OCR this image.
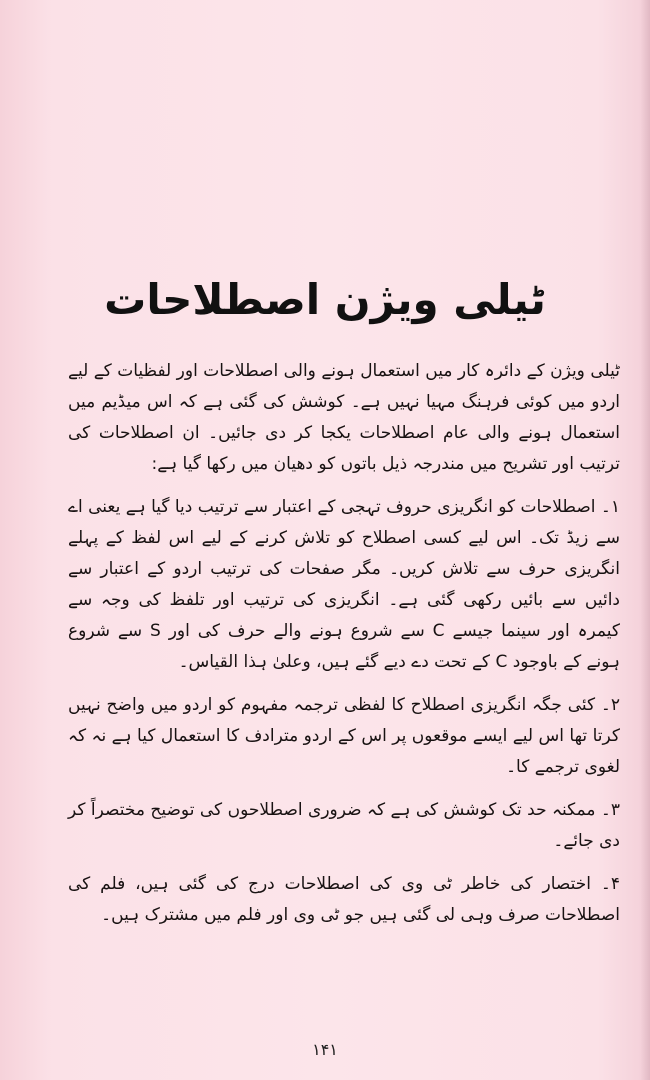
ٹیلی ویژن اصطلاحات

ٹیلی ویژن کے دائرہ کار میں استعمال ہونے والی اصطلاحات اور لفظیات کے لیے اردو میں کوئی فرہنگ مہیا نہیں ہے۔ کوشش کی گئی ہے کہ اس میڈیم میں استعمال ہونے والی عام اصطلاحات یکجا کر دی جائیں۔ ان اصطلاحات کی ترتیب اور تشریح میں مندرجہ ذیل باتوں کو دھیان میں رکھا گیا ہے:

۱۔ اصطلاحات کو انگریزی حروف تہجی کے اعتبار سے ترتیب دیا گیا ہے یعنی اے سے زیڈ تک۔ اس لیے کسی اصطلاح کو تلاش کرنے کے لیے اس لفظ کے پہلے انگریزی حرف سے تلاش کریں۔ مگر صفحات کی ترتیب اردو کے اعتبار سے دائیں سے بائیں رکھی گئی ہے۔ انگریزی کی ترتیب اور تلفظ کی وجہ سے کیمرہ اور سینما جیسے C سے شروع ہونے والے حرف کی اور S سے شروع ہونے کے باوجود C کے تحت دے دیے گئے ہیں، وعلیٰ ہذا القیاس۔

۲۔ کئی جگہ انگریزی اصطلاح کا لفظی ترجمہ مفہوم کو اردو میں واضح نہیں کرتا تھا اس لیے ایسے موقعوں پر اس کے اردو مترادف کا استعمال کیا ہے نہ کہ لغوی ترجمے کا۔

۳۔ ممکنہ حد تک کوشش کی ہے کہ ضروری اصطلاحوں کی توضیح مختصراً کر دی جائے۔

۴۔ اختصار کی خاطر ٹی وی کی اصطلاحات درج کی گئی ہیں، فلم کی اصطلاحات صرف وہی لی گئی ہیں جو ٹی وی اور فلم میں مشترک ہیں۔

۱۴۱
